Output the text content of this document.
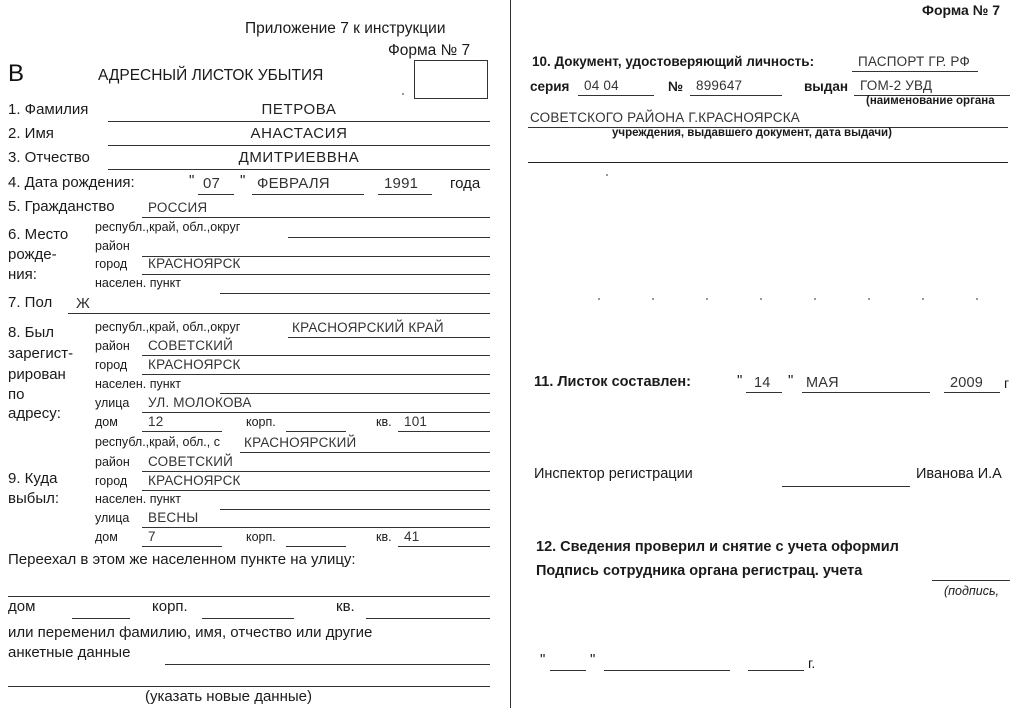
Приложение 7 к инструкции
Форма № 7
В	АДРЕСНЫЙ ЛИСТОК УБЫТИЯ
1. Фамилия	ПЕТРОВА
2. Имя	АНАСТАСИЯ
3. Отчество	ДМИТРИЕВВНА
4. Дата рождения:	" 07 " ФЕВРАЛЯ	1991 года
5. Гражданство РОССИЯ
6. Место
рожде-
ния:
республ.,край, обл.,округ
район
город КРАСНОЯРСК
населен. пункт
7. Пол Ж
8. Был
зарегист-
рирован
по
адресу:
республ.,край, обл.,округ	КРАСНОЯРСКИЙ КРАЙ
район СОВЕТСКИЙ
город КРАСНОЯРСК
населен. пункт
улица УЛ. МОЛОКОВА
дом 12	корп.	кв. 101
9. Куда
выбыл:
республ.,край, обл., с КРАСНОЯРСКИЙ
район СОВЕТСКИЙ
город КРАСНОЯРСК
населен. пункт
улица ВЕСНЫ
дом 7	корп.	кв. 41
Переехал в этом же населенном пункте на улицу:
дом	корп.	кв.
или переменил фамилию, имя, отчество или другие
анкетные данные
(указать новые данные)
Форма № 7
10. Документ, удостоверяющий личность:	ПАСПОРТ ГР. РФ
серия 04 04	№ 899647	выдан ГОМ-2 УВД
(наименование органа
СОВЕТСКОГО РАЙОНА Г.КРАСНОЯРСКА
учреждения, выдавшего документ, дата выдачи)
11. Листок составлен:	" 14 " МАЯ	2009 г
Инспектор регистрации	Иванова И.А
12. Сведения проверил и снятие с учета оформил
Подпись сотрудника органа регистрац. учета
(подпись,
"	"	г.
